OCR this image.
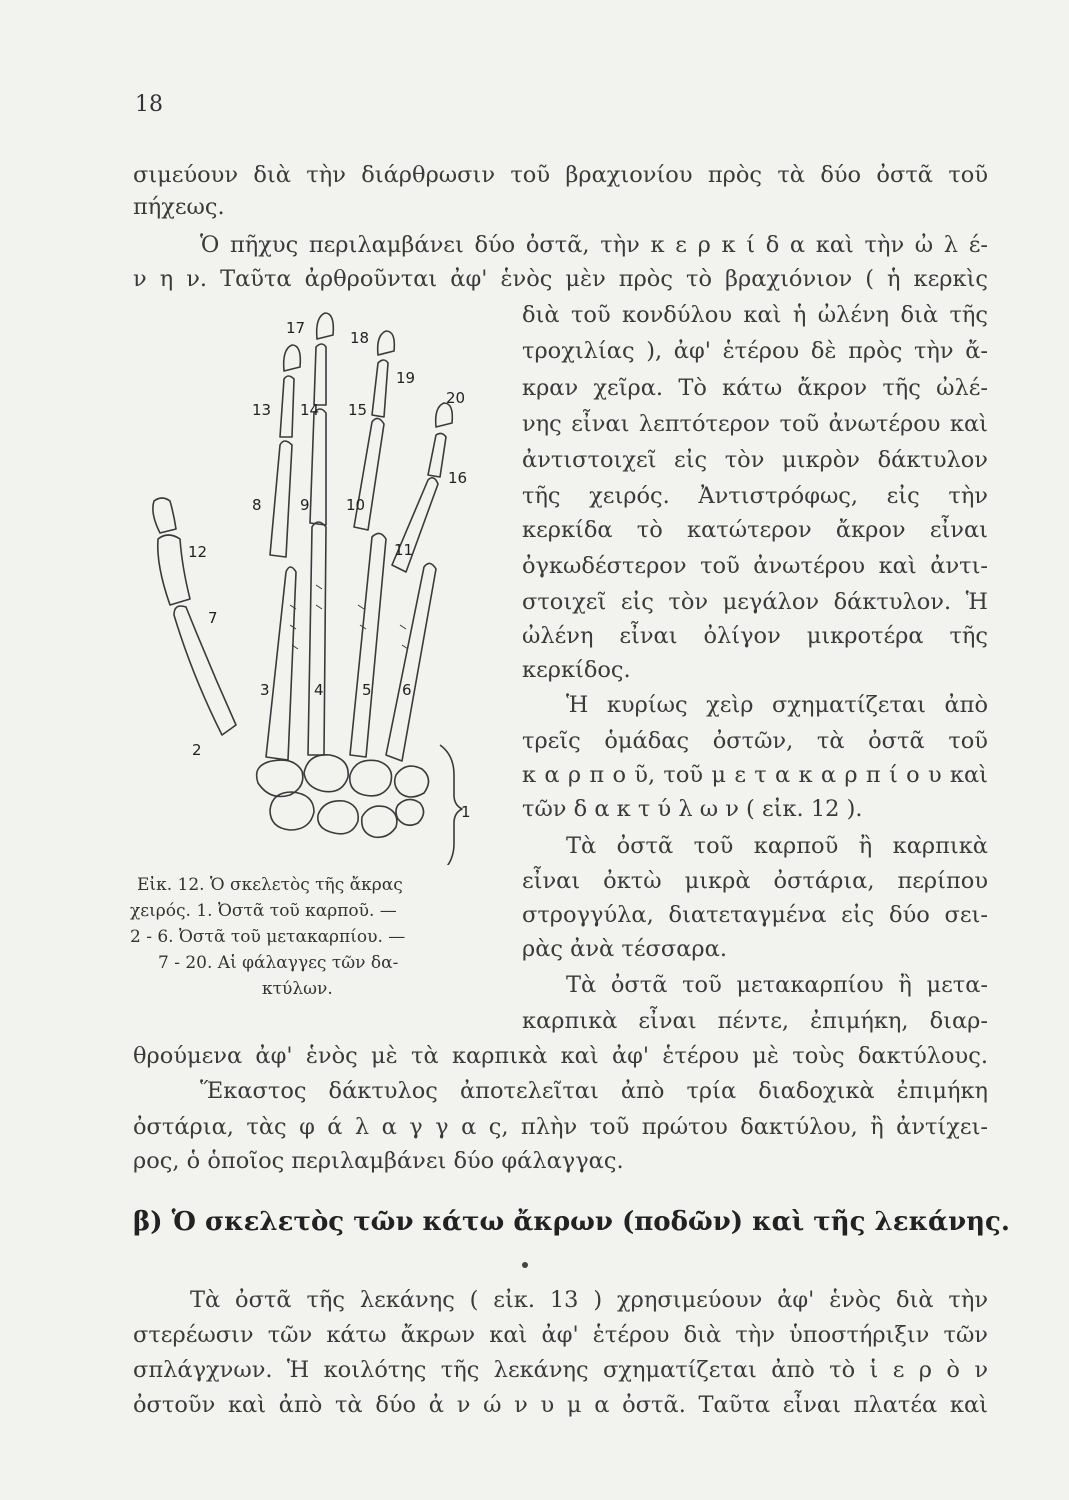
18
σιμεύουν διὰ τὴν διάρθρωσιν τοῦ βραχιονίου πρὸς τὰ δύο ὀστᾶ τοῦ
πήχεως.
Ὁ πῆχυς περιλαμβάνει δύο ὀστᾶ, τὴν κ ε ρ κ ί δ α καὶ τὴν ὠ λ έ-
ν η ν. Ταῦτα ἀρθροῦνται ἀφ' ἑνὸς μὲν πρὸς τὸ βραχιόνιον ( ἡ κερκὶς
διὰ τοῦ κονδύλου καὶ ἡ ὠλένη διὰ τῆς
τροχιλίας ), ἀφ' ἑτέρου δὲ πρὸς τὴν ἄ-
κραν χεῖρα. Τὸ κάτω ἄκρον τῆς ὠλέ-
νης εἶναι λεπτότερον τοῦ ἀνωτέρου καὶ
ἀντιστοιχεῖ εἰς τὸν μικρὸν δάκτυλον
τῆς χειρός. Ἀντιστρόφως, εἰς τὴν
κερκίδα τὸ κατώτερον ἄκρον εἶναι
ὀγκωδέστερον τοῦ ἀνωτέρου καὶ ἀντι-
στοιχεῖ εἰς τὸν μεγάλον δάκτυλον. Ἡ
ὠλένη εἶναι ὀλίγον μικροτέρα τῆς
κερκίδος.
Ἡ κυρίως χεὶρ σχηματίζεται ἀπὸ
τρεῖς ὁμάδας ὀστῶν, τὰ ὀστᾶ τοῦ
κ α ρ π ο ῦ, τοῦ μ ε τ α κ α ρ π ί ο υ καὶ
τῶν δ α κ τ ύ λ ω ν ( εἰκ. 12 ).
Τὰ ὀστᾶ τοῦ καρποῦ ἢ καρπικὰ
εἶναι ὀκτὼ μικρὰ ὀστάρια, περίπου
στρογγύλα, διατεταγμένα εἰς δύο σει-
ρὰς ἀνὰ τέσσαρα.
Τὰ ὀστᾶ τοῦ μετακαρπίου ἢ μετα-
καρπικὰ εἶναι πέντε, ἐπιμήκη, διαρ-
θρούμενα ἀφ' ἑνὸς μὲ τὰ καρπικὰ καὶ ἀφ' ἑτέρου μὲ τοὺς δακτύλους.
Ἕκαστος δάκτυλος ἀποτελεῖται ἀπὸ τρία διαδοχικὰ ἐπιμήκη
ὀστάρια, τὰς φ ά λ α γ γ α ς, πλὴν τοῦ πρώτου δακτύλου, ἢ ἀντίχει-
ρος, ὁ ὁποῖος περιλαμβάνει δύο φάλαγγας.
β) Ὁ σκελετὸς τῶν κάτω ἄκρων (ποδῶν) καὶ τῆς λεκάνης.
Τὰ ὀστᾶ τῆς λεκάνης ( εἰκ. 13 ) χρησιμεύουν ἀφ' ἑνὸς διὰ τὴν
στερέωσιν τῶν κάτω ἄκρων καὶ ἀφ' ἑτέρου διὰ τὴν ὑποστήριξιν τῶν
σπλάγχνων. Ἡ κοιλότης τῆς λεκάνης σχηματίζεται ἀπὸ τὸ ἱ ε ρ ὸ ν
ὀστοῦν καὶ ἀπὸ τὰ δύο ἀ ν ώ ν υ μ α ὀστᾶ. Ταῦτα εἶναι πλατέα καὶ
Εἰκ. 12. Ὁ σκελετὸς τῆς ἄκρας
χειρός. 1. Ὀστᾶ τοῦ καρποῦ. —
2 - 6. Ὀστᾶ τοῦ μετακαρπίου. —
7 - 20. Αἱ φάλαγγες τῶν δα-
κτύλων.
1
2
3	4	5 6
7
8	9 10
11
12
13 14 15
16
17
18
19
20
